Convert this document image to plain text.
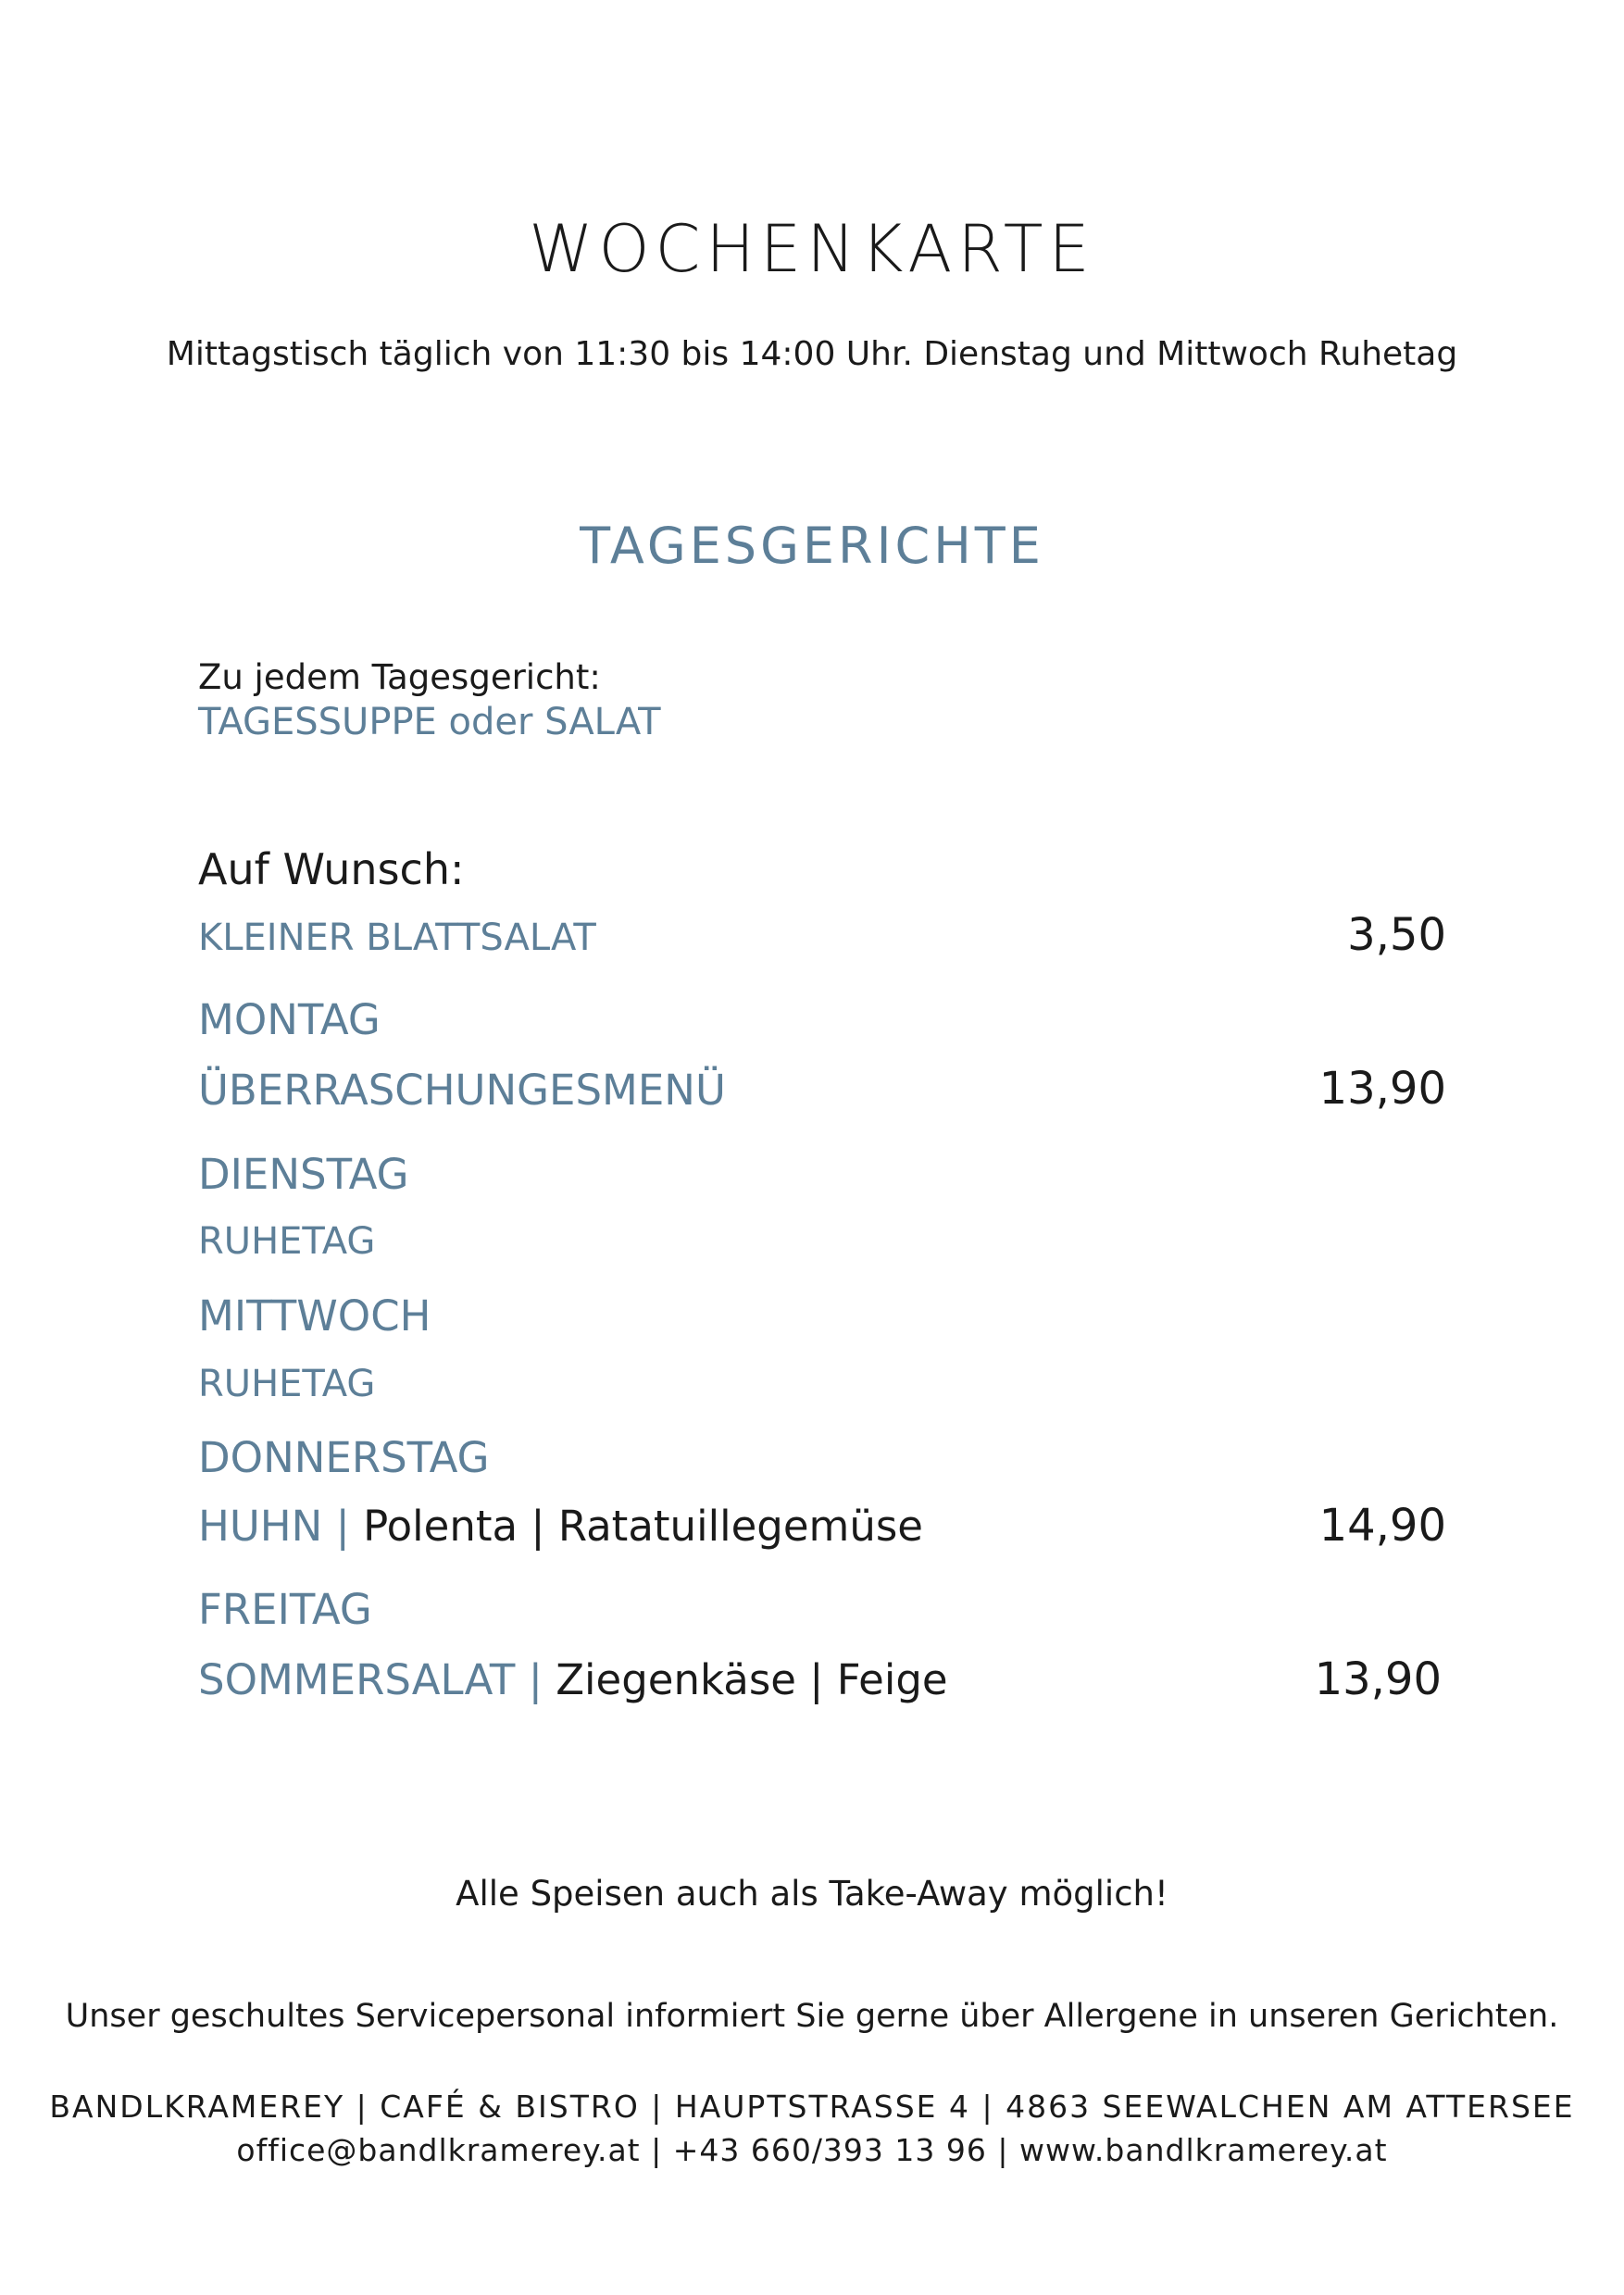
WOCHENKARTE
Mittagstisch täglich von 11:30 bis 14:00 Uhr. Dienstag und Mittwoch Ruhetag
TAGESGERICHTE
Zu jedem Tagesgericht:
TAGESSUPPE oder SALAT
Auf Wunsch:
KLEINER BLATTSALAT	3,50
MONTAG
ÜBERRASCHUNGESMENÜ	13,90
DIENSTAG
RUHETAG
MITTWOCH
RUHETAG
DONNERSTAG
HUHN | Polenta | Ratatuillegemüse	14,90
FREITAG
SOMMERSALAT | Ziegenkäse | Feige	13,90
Alle Speisen auch als Take-Away möglich!
Unser geschultes Servicepersonal informiert Sie gerne über Allergene in unseren Gerichten.
BANDLKRAMEREY | CAFÉ & BISTRO | HAUPTSTRASSE 4 | 4863 SEEWALCHEN AM ATTERSEE
office@bandlkramerey.at | +43 660/393 13 96 | www.bandlkramerey.at
